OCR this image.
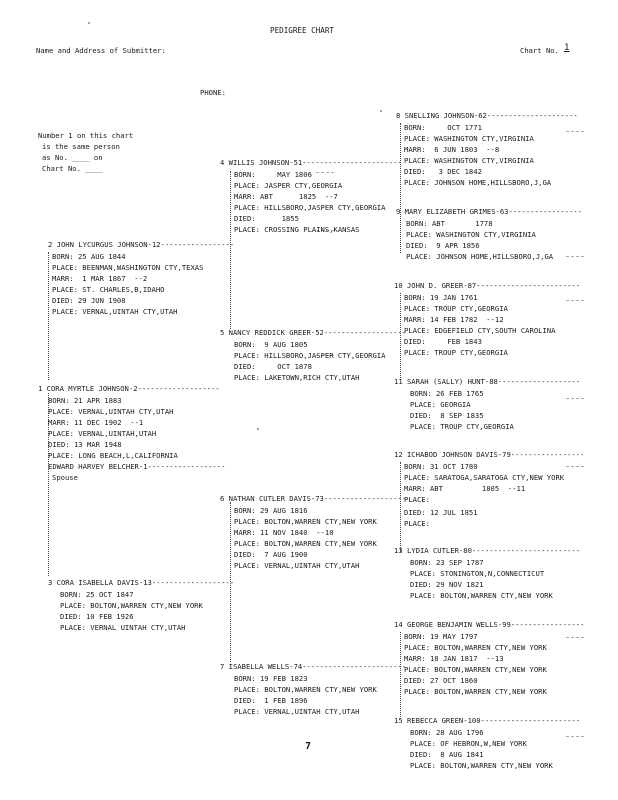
PEDIGREE CHART
Name and Address of Submitter:	Chart No. 1
PHONE:
Number 1 on this chart
is the same person
as No. ____ on
Chart No. ____
1 CORA MYRTLE JOHNSON-2-------------------
BORN: 21 APR 1883
PLACE: VERNAL,UINTAH CTY,UTAH
MARR: 11 DEC 1902  --1
PLACE: VERNAL,UINTAH,UTAH
DIED: 13 MAR 1948
PLACE: LONG BEACH,L,CALIFORNIA
EDWARD HARVEY BELCHER-1------------------
Spouse
2 JOHN LYCURGUS JOHNSON-12-----------------
BORN: 25 AUG 1844
PLACE: BEENMAN,WASHINGTON CTY,TEXAS
MARR:  1 MAR 1867  --2
PLACE: ST. CHARLES,B,IDAHO
DIED: 29 JUN 1908
PLACE: VERNAL,UINTAH CTY,UTAH
3 CORA ISABELLA DAVIS-13-------------------
BORN: 25 OCT 1847
PLACE: BOLTON,WARREN CTY,NEW YORK
DIED: 10 FEB 1926
PLACE: VERNAL UINTAH CTY,UTAH
4 WILLIS JOHNSON-51-----------------------
BORN:     MAY 1806
PLACE: JASPER CTY,GEORGIA
MARR: ABT      1825  --7
PLACE: HILLSBORO,JASPER CTY,GEORGIA
DIED:      1855
PLACE: CROSSING PLAINS,KANSAS
5 NANCY REDDICK GREER-52-------------------
BORN:  9 AUG 1805
PLACE: HILLSBORO,JASPER CTY,GEORGIA
DIED:     OCT 1878
PLACE: LAKETOWN,RICH CTY,UTAH
6 NATHAN CUTLER DAVIS-73-------------------
BORN: 29 AUG 1816
PLACE: BOLTON,WARREN CTY,NEW YORK
MARR: 11 NOV 1840  --10
PLACE: BOLTON,WARREN CTY,NEW YORK
DIED:  7 AUG 1900
PLACE: VERNAL,UINTAH CTY,UTAH
7 ISABELLA WELLS-74------------------------
BORN: 19 FEB 1823
PLACE: BOLTON,WARREN CTY,NEW YORK
DIED:  1 FEB 1896
PLACE: VERNAL,UINTAH CTY,UTAH
8 SNELLING JOHNSON-62---------------------
BORN:     OCT 1771
PLACE: WASHINGTON CTY,VIRGINIA
MARR:  6 JUN 1803  --8
PLACE: WASHINGTON CTY,VIRGINIA
DIED:   3 DEC 1842
PLACE: JOHNSON HOME,HILLSBORO,J,GA
9 MARY ELIZABETH GRIMES-63-----------------
BORN: ABT       1778
PLACE: WASHINGTON CTY,VIRGINIA
DIED:  9 APR 1856
PLACE: JOHNSON HOME,HILLSBORO,J,GA
10 JOHN D. GREER-87------------------------
BORN: 19 JAN 1761
PLACE: TROUP CTY,GEORGIA
MARR: 14 FEB 1782  --12
PLACE: EDGEFIELD CTY,SOUTH CAROLINA
DIED:     FEB 1843
PLACE: TROUP CTY,GEORGIA
11 SARAH (SALLY) HUNT-88-------------------
BORN: 26 FEB 1765
PLACE: GEORGIA
DIED:  8 SEP 1835
PLACE: TROUP CTY,GEORGIA
12 ICHABOD JOHNSON DAVIS-79-----------------
BORN: 31 OCT 1780
PLACE: SARATOGA,SARATOGA CTY,NEW YORK
MARR: ABT         1805  --11
PLACE:
DIED: 12 JUL 1851
PLACE:
13 LYDIA CUTLER-80-------------------------
BORN: 23 SEP 1787
PLACE: STONINGTON,N,CONNECTICUT
DIED: 29 NOV 1821
PLACE: BOLTON,WARREN CTY,NEW YORK
14 GEORGE BENJAMIN WELLS-99-----------------
BORN: 19 MAY 1797
PLACE: BOLTON,WARREN CTY,NEW YORK
MARR: 18 JAN 1817  --13
PLACE: BOLTON,WARREN CTY,NEW YORK
DIED: 27 OCT 1860
PLACE: BOLTON,WARREN CTY,NEW YORK
15 REBECCA GREEN-100-----------------------
BORN: 28 AUG 1796
PLACE: OF HEBRON,W,NEW YORK
DIED:  8 AUG 1841
PLACE: BOLTON,WARREN CTY,NEW YORK
7
